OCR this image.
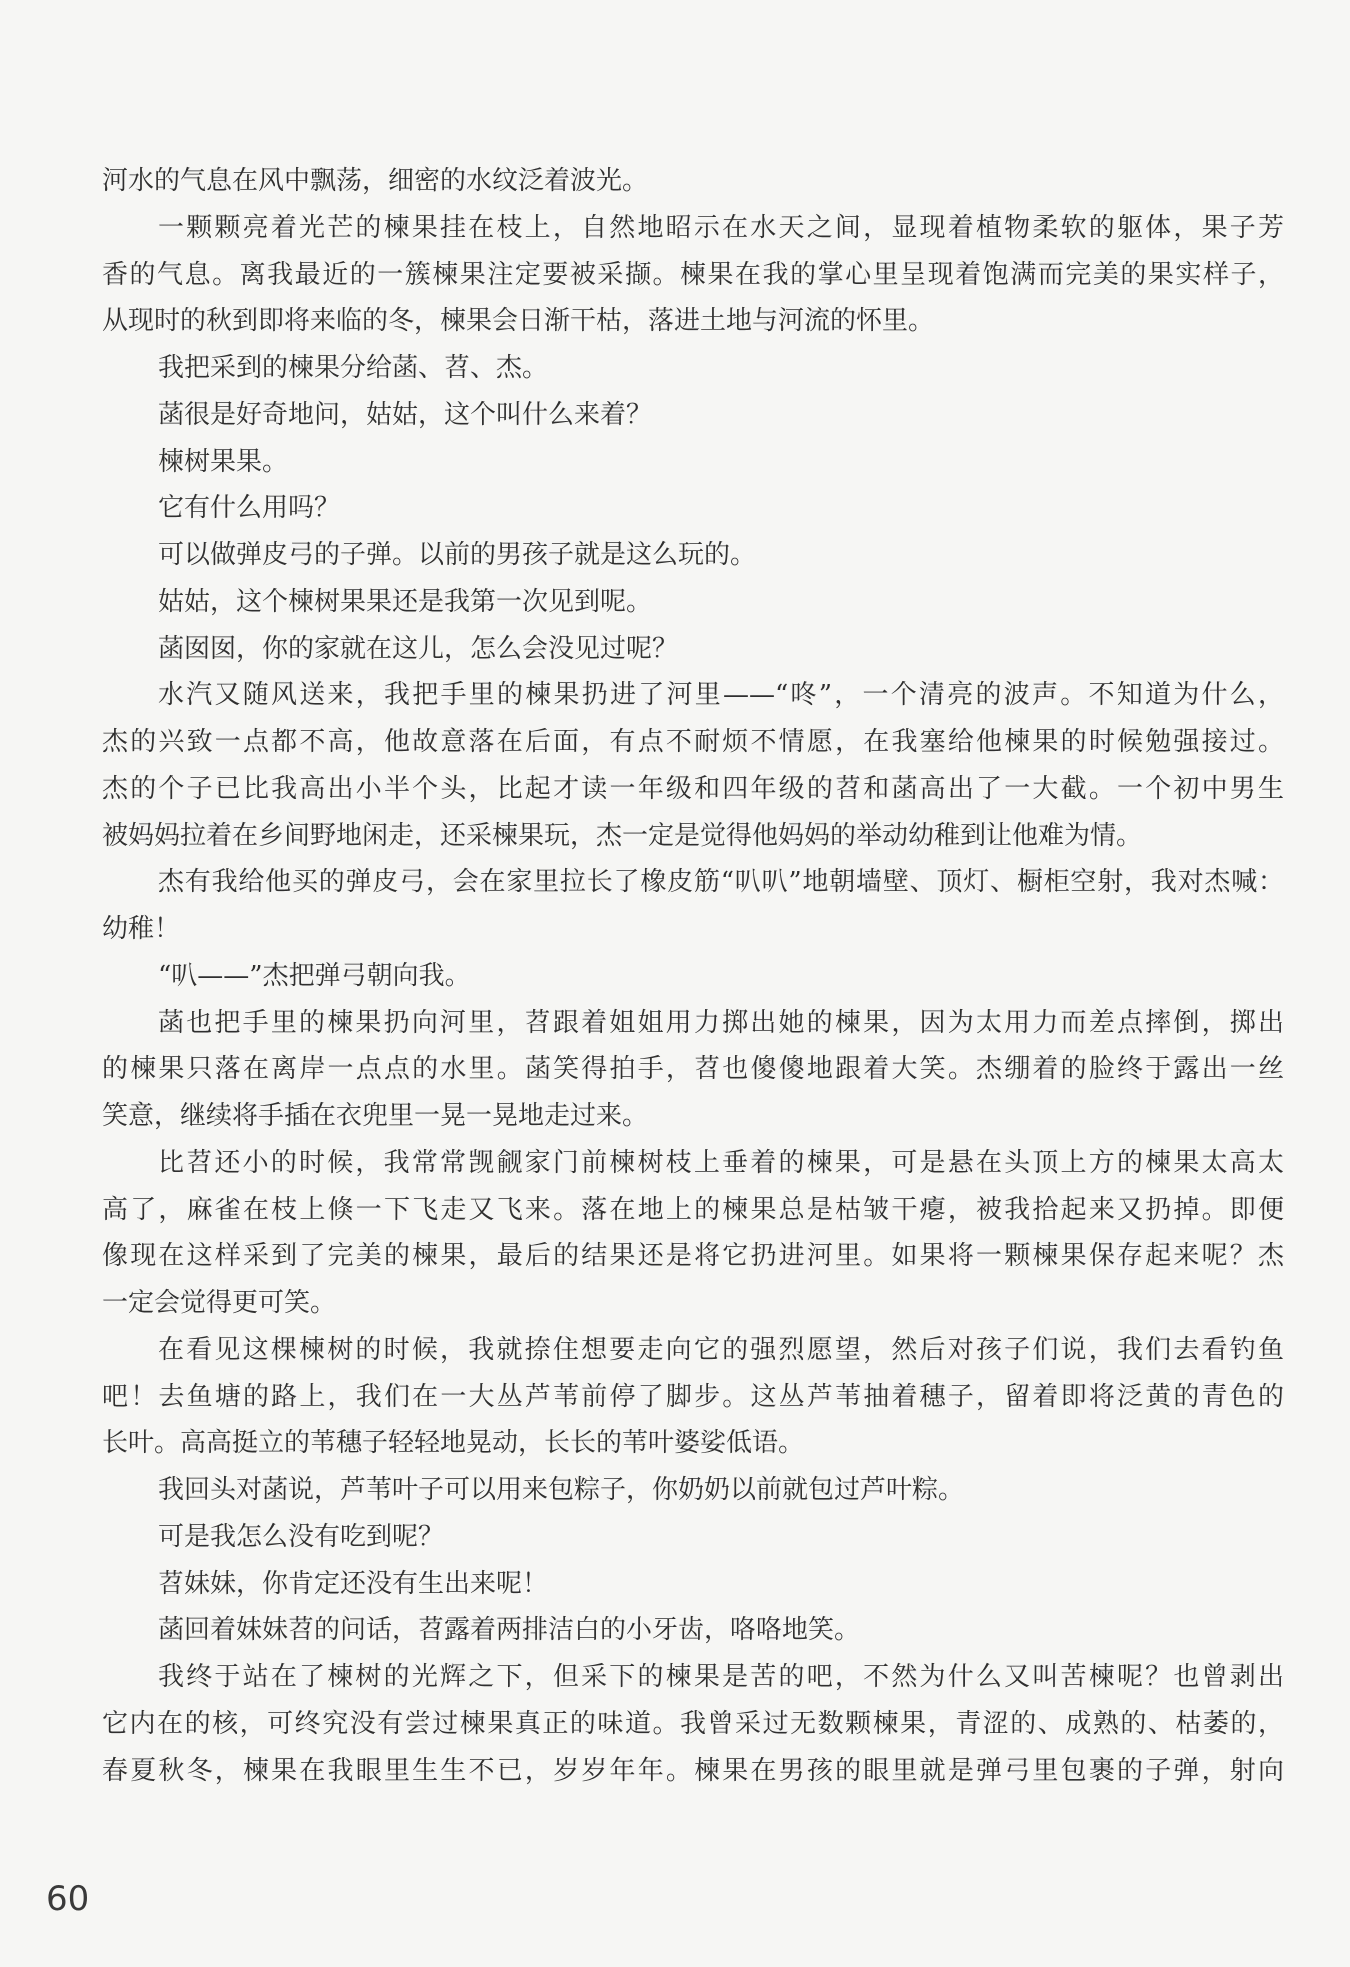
河水的气息在风中飘荡，细密的水纹泛着波光。

一颗颗亮着光芒的楝果挂在枝上，自然地昭示在水天之间，显现着植物柔软的躯体，果子芳
香的气息。离我最近的一簇楝果注定要被采撷。楝果在我的掌心里呈现着饱满而完美的果实样子，
从现时的秋到即将来临的冬，楝果会日渐干枯，落进土地与河流的怀里。

我把采到的楝果分给菡、苕、杰。

菡很是好奇地问，姑姑，这个叫什么来着？

楝树果果。

它有什么用吗？

可以做弹皮弓的子弹。以前的男孩子就是这么玩的。

姑姑，这个楝树果果还是我第一次见到呢。

菡囡囡，你的家就在这儿，怎么会没见过呢？

水汽又随风送来，我把手里的楝果扔进了河里——“咚”，一个清亮的波声。不知道为什么，
杰的兴致一点都不高，他故意落在后面，有点不耐烦不情愿，在我塞给他楝果的时候勉强接过。
杰的个子已比我高出小半个头，比起才读一年级和四年级的苕和菡高出了一大截。一个初中男生
被妈妈拉着在乡间野地闲走，还采楝果玩，杰一定是觉得他妈妈的举动幼稚到让他难为情。

杰有我给他买的弹皮弓，会在家里拉长了橡皮筋“叭叭”地朝墙壁、顶灯、橱柜空射，我对杰喊：
幼稚！

“叭——”杰把弹弓朝向我。

菡也把手里的楝果扔向河里，苕跟着姐姐用力掷出她的楝果，因为太用力而差点摔倒，掷出
的楝果只落在离岸一点点的水里。菡笑得拍手，苕也傻傻地跟着大笑。杰绷着的脸终于露出一丝
笑意，继续将手插在衣兜里一晃一晃地走过来。

比苕还小的时候，我常常觊觎家门前楝树枝上垂着的楝果，可是悬在头顶上方的楝果太高太
高了，麻雀在枝上倏一下飞走又飞来。落在地上的楝果总是枯皱干瘪，被我拾起来又扔掉。即便
像现在这样采到了完美的楝果，最后的结果还是将它扔进河里。如果将一颗楝果保存起来呢？杰
一定会觉得更可笑。

在看见这棵楝树的时候，我就捺住想要走向它的强烈愿望，然后对孩子们说，我们去看钓鱼
吧！去鱼塘的路上，我们在一大丛芦苇前停了脚步。这丛芦苇抽着穗子，留着即将泛黄的青色的
长叶。高高挺立的苇穗子轻轻地晃动，长长的苇叶婆娑低语。

我回头对菡说，芦苇叶子可以用来包粽子，你奶奶以前就包过芦叶粽。

可是我怎么没有吃到呢？

苕妹妹，你肯定还没有生出来呢！

菡回着妹妹苕的问话，苕露着两排洁白的小牙齿，咯咯地笑。

我终于站在了楝树的光辉之下，但采下的楝果是苦的吧，不然为什么又叫苦楝呢？也曾剥出
它内在的核，可终究没有尝过楝果真正的味道。我曾采过无数颗楝果，青涩的、成熟的、枯萎的，
春夏秋冬，楝果在我眼里生生不已，岁岁年年。楝果在男孩的眼里就是弹弓里包裹的子弹，射向

60
